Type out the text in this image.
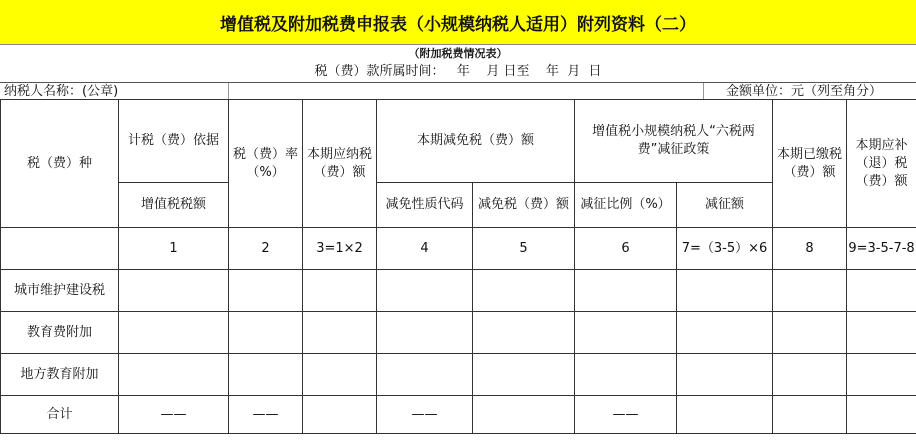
增值税及附加税费申报表（小规模纳税人适用）附列资料（二）
（附加税费情况表）
税（费）款所属时间：   年    月 日至    年  月  日
纳税人名称：(公章)	金额单位：元（列至角分）
税（费）种	计税（费）依据	税（费）率（%）	本期应纳税（费）额	本期减免税（费）额		增值税小规模纳税人“六税两费”减征政策		本期已缴税（费）额	本期应补（退）税（费）额
	增值税税额			减免性质代码	减免税（费）额	减征比例（%）	减征额		
	1	2	3=1×2	4	5	6	7=（3-5）×6	8	9=3-5-7-8
城市维护建设税									
教育费附加									
地方教育附加									
合计	——	——		——		——			
